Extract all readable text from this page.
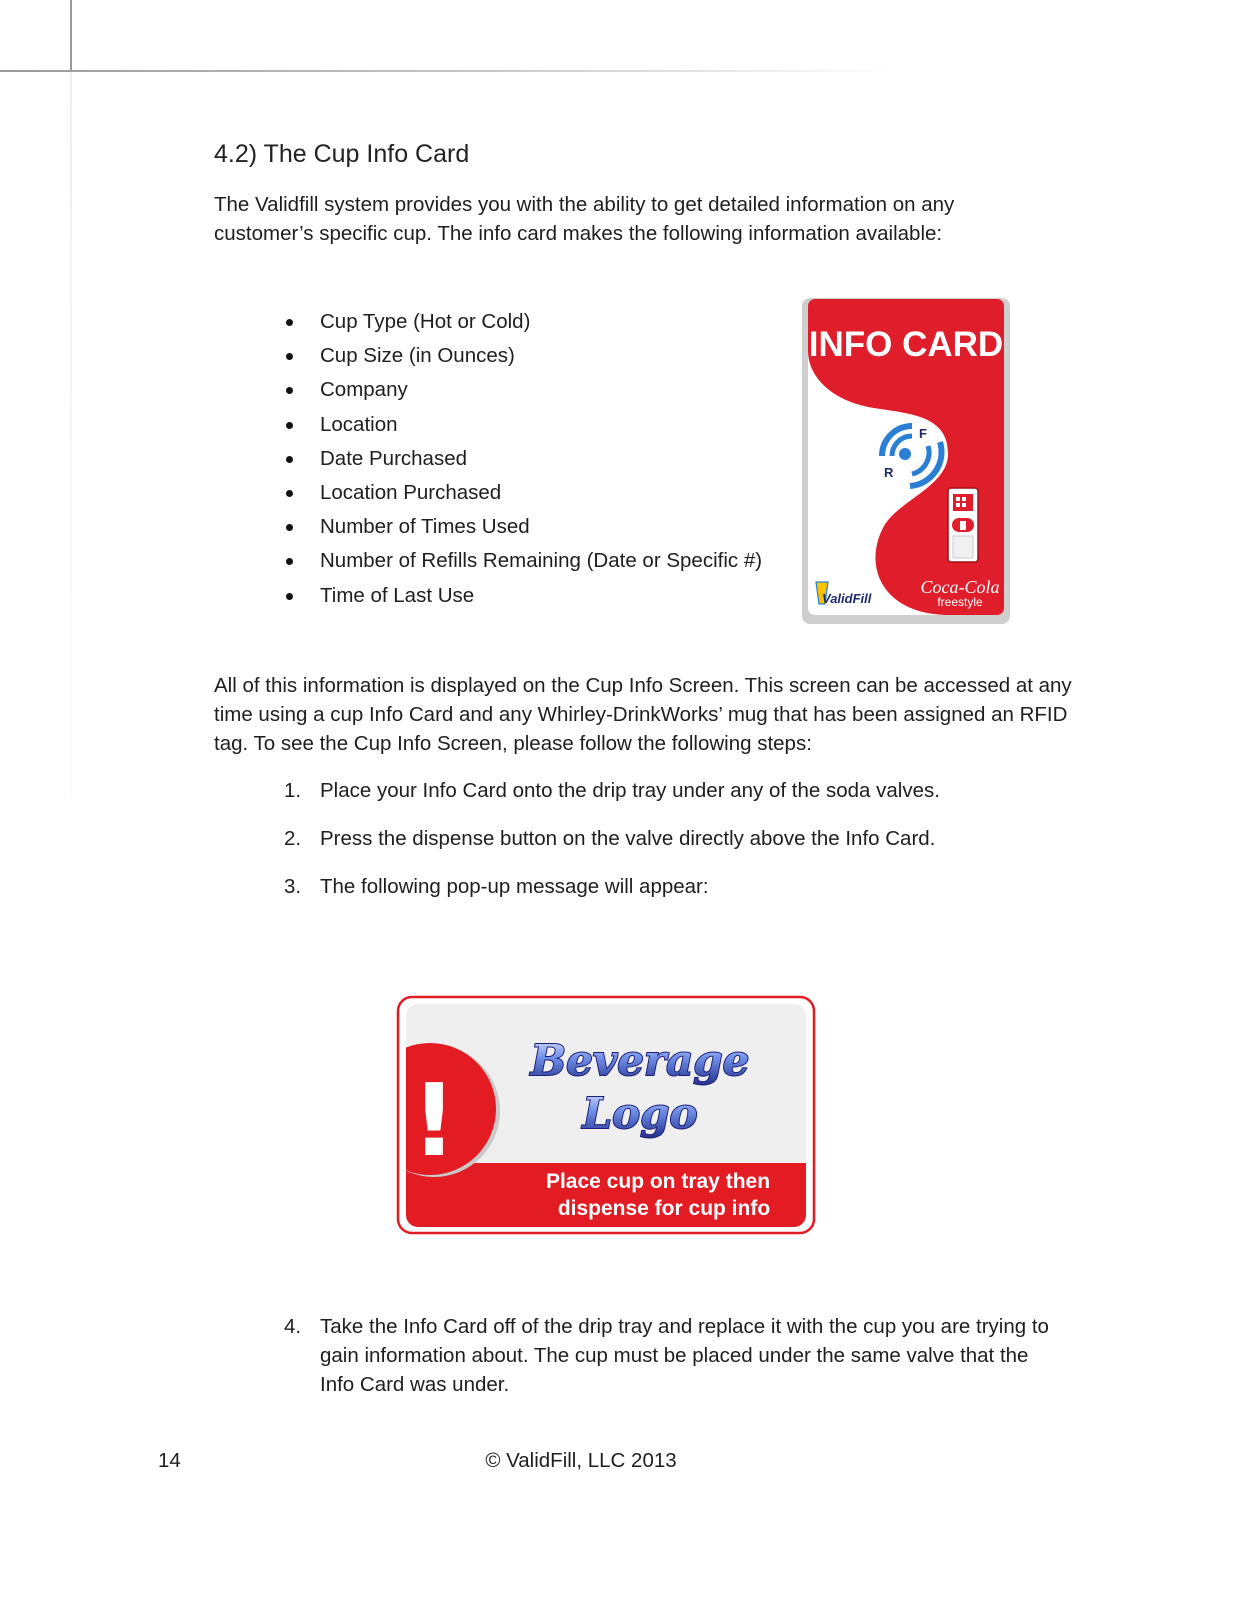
4.2) The Cup Info Card

The Validfill system provides you with the ability to get detailed information on any customer’s specific cup. The info card makes the following information available:

Cup Type (Hot or Cold)
Cup Size (in Ounces)
Company
Location
Date Purchased
Location Purchased
Number of Times Used
Number of Refills Remaining (Date or Specific #)
Time of Last Use
INFO CARD
R
F
ValidFill
Coca-Cola
freestyle

All of this information is displayed on the Cup Info Screen. This screen can be accessed at any time using a cup Info Card and any Whirley-DrinkWorks’ mug that has been assigned an RFID tag. To see the Cup Info Screen, please follow the following steps:

1. Place your Info Card onto the drip tray under any of the soda valves.
2. Press the dispense button on the valve directly above the Info Card.
3. The following pop-up message will appear:
!
Beverage
Logo
Place cup on tray then
dispense for cup info
4. Take the Info Card off of the drip tray and replace it with the cup you are trying to gain information about. The cup must be placed under the same valve that the Info Card was under.
14	© ValidFill, LLC 2013
